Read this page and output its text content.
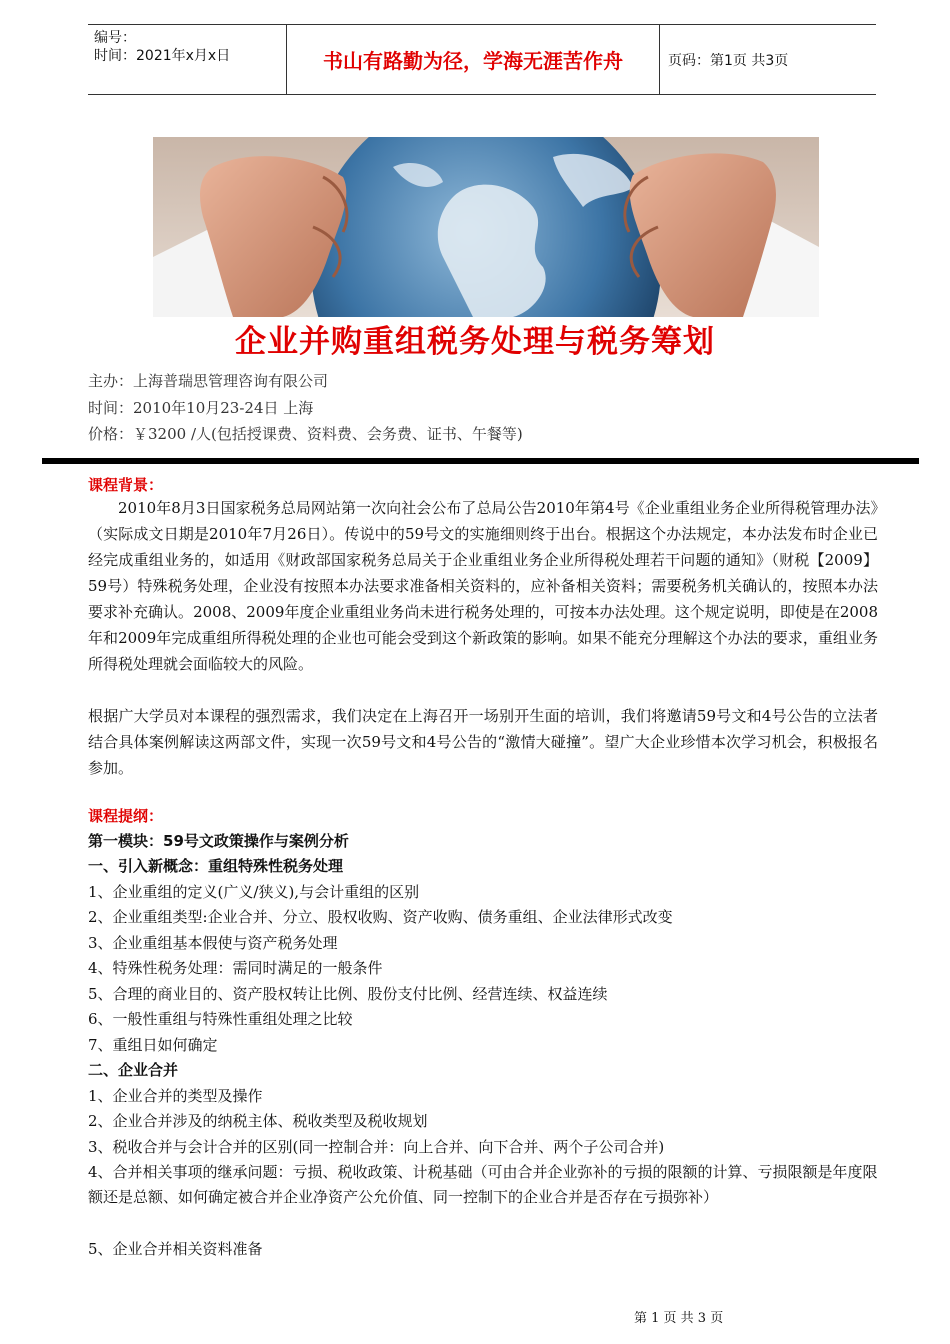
编号：
时间：2021年x月x日	书山有路勤为径，学海无涯苦作舟	页码：第1页 共3页
企业并购重组税务处理与税务筹划
主办：上海普瑞思管理咨询有限公司
时间：2010年10月23-24日 上海
价格：￥3200 /人(包括授课费、资料费、会务费、证书、午餐等)
课程背景：

2010年8月3日国家税务总局网站第一次向社会公布了总局公告2010年第4号《企业重组业务企业所得税管理办法》（实际成文日期是2010年7月26日）。传说中的59号文的实施细则终于出台。根据这个办法规定，本办法发布时企业已经完成重组业务的，如适用《财政部国家税务总局关于企业重组业务企业所得税处理若干问题的通知》（财税【2009】59号）特殊税务处理，企业没有按照本办法要求准备相关资料的，应补备相关资料；需要税务机关确认的，按照本办法要求补充确认。2008、2009年度企业重组业务尚未进行税务处理的，可按本办法处理。这个规定说明，即使是在2008年和2009年完成重组所得税处理的企业也可能会受到这个新政策的影响。如果不能充分理解这个办法的要求，重组业务所得税处理就会面临较大的风险。

根据广大学员对本课程的强烈需求，我们决定在上海召开一场别开生面的培训，我们将邀请59号文和4号公告的立法者结合具体案例解读这两部文件，实现一次59号文和4号公告的“激情大碰撞”。望广大企业珍惜本次学习机会，积极报名参加。

课程提纲：

第一模块：59号文政策操作与案例分析

一、引入新概念：重组特殊性税务处理

1、企业重组的定义(广义/狭义),与会计重组的区别

2、企业重组类型:企业合并、分立、股权收购、资产收购、债务重组、企业法律形式改变

3、企业重组基本假使与资产税务处理

4、特殊性税务处理：需同时满足的一般条件

5、合理的商业目的、资产股权转让比例、股份支付比例、经营连续、权益连续

6、一般性重组与特殊性重组处理之比较

7、重组日如何确定

二、企业合并

1、企业合并的类型及操作

2、企业合并涉及的纳税主体、税收类型及税收规划

3、税收合并与会计合并的区别(同一控制合并：向上合并、向下合并、两个子公司合并)

4、合并相关事项的继承问题：亏损、税收政策、计税基础（可由合并企业弥补的亏损的限额的计算、亏损限额是年度限额还是总额、如何确定被合并企业净资产公允价值、同一控制下的企业合并是否存在亏损弥补）

5、企业合并相关资料准备

第 1 页 共 3 页
